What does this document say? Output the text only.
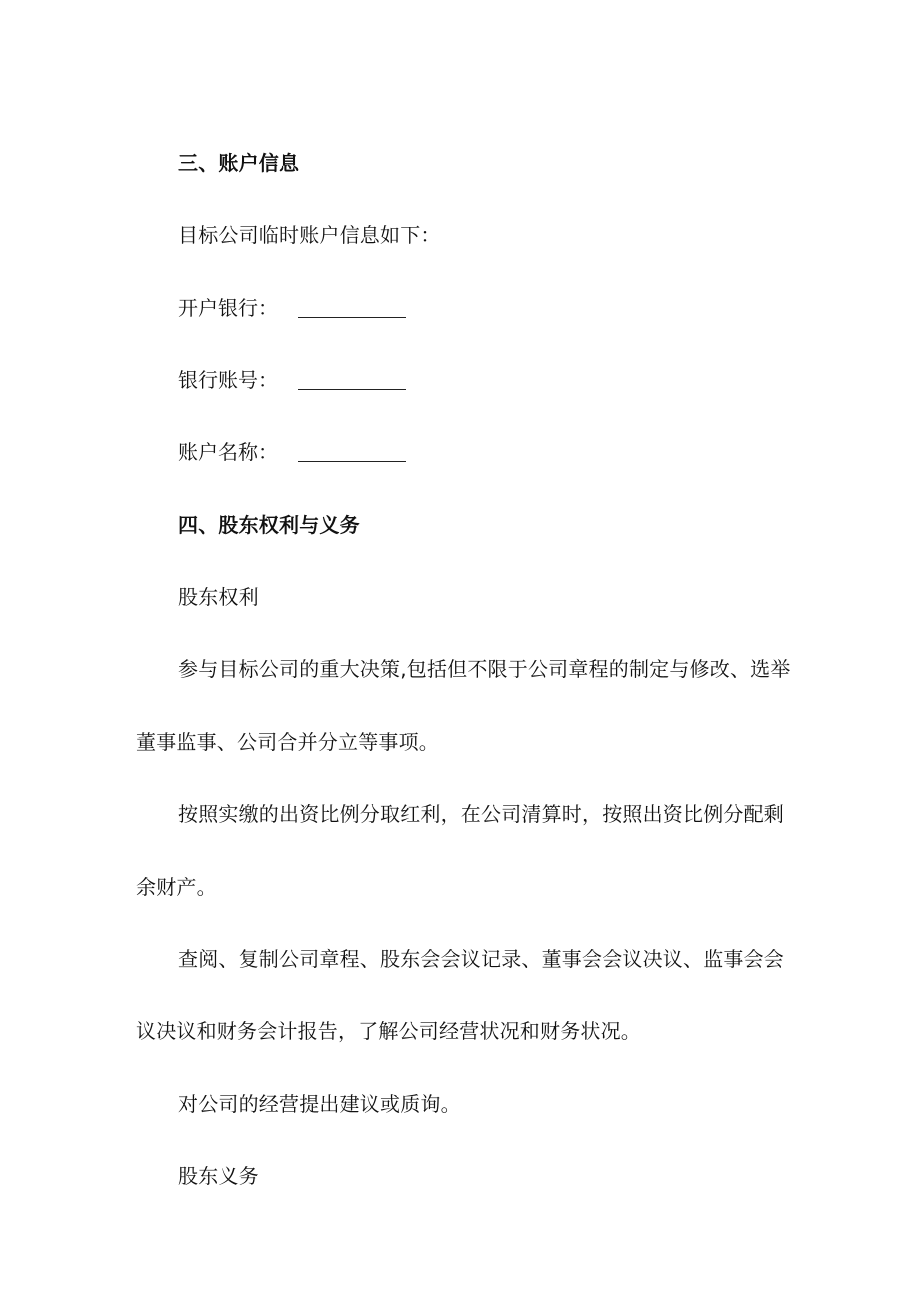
三、账户信息
目标公司临时账户信息如下：
开户银行：
银行账号：
账户名称：
四、股东权利与义务
股东权利
参与目标公司的重大决策,包括但不限于公司章程的制定与修改、选举
董事监事、公司合并分立等事项。
按照实缴的出资比例分取红利，在公司清算时，按照出资比例分配剩
余财产。
查阅、复制公司章程、股东会会议记录、董事会会议决议、监事会会
议决议和财务会计报告，了解公司经营状况和财务状况。
对公司的经营提出建议或质询。
股东义务
